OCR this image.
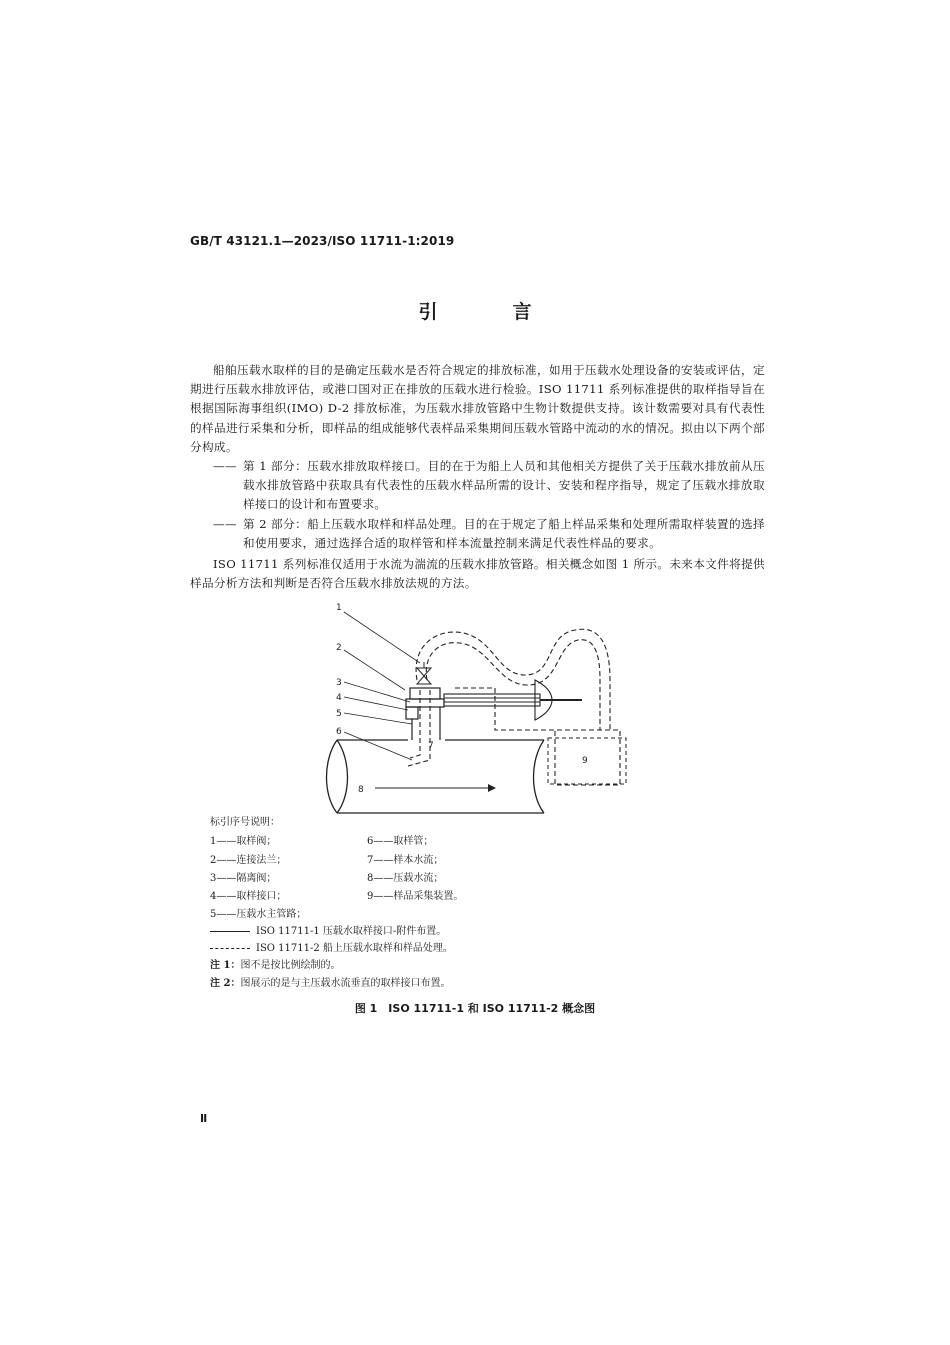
GB/T 43121.1—2023/ISO 11711-1:2019
引　言
船舶压载水取样的目的是确定压载水是否符合规定的排放标准，如用于压载水处理设备的安装或评估，定期进行压载水排放评估，或港口国对正在排放的压载水进行检验。ISO 11711 系列标准提供的取样指导旨在根据国际海事组织(IMO) D-2 排放标准，为压载水排放管路中生物计数提供支持。该计数需要对具有代表性的样品进行采集和分析，即样品的组成能够代表样品采集期间压载水管路中流动的水的情况。拟由以下两个部分构成。
—— 第 1 部分：压载水排放取样接口。目的在于为船上人员和其他相关方提供了关于压载水排放前从压载水排放管路中获取具有代表性的压载水样品所需的设计、安装和程序指导，规定了压载水排放取样接口的设计和布置要求。
—— 第 2 部分：船上压载水取样和样品处理。目的在于规定了船上样品采集和处理所需取样装置的选择和使用要求，通过选择合适的取样管和样本流量控制来满足代表性样品的要求。
ISO 11711 系列标准仅适用于水流为湍流的压载水排放管路。相关概念如图 1 所示。未来本文件将提供样品分析方法和判断是否符合压载水排放法规的方法。
1
2
3
4
5
6
7
8
9
标引序号说明：
1——取样阀；
2——连接法兰；
3——隔离阀；
4——取样接口；
5——压载水主管路；
6——取样管；
7——样本水流；
8——压载水流；
9——样品采集装置。
ISO 11711-1 压载水取样接口-附件布置。
ISO 11711-2 船上压载水取样和样品处理。
注 1：图不是按比例绘制的。
注 2：图展示的是与主压载水流垂直的取样接口布置。
图 1　ISO 11711-1 和 ISO 11711-2 概念图
Ⅱ
